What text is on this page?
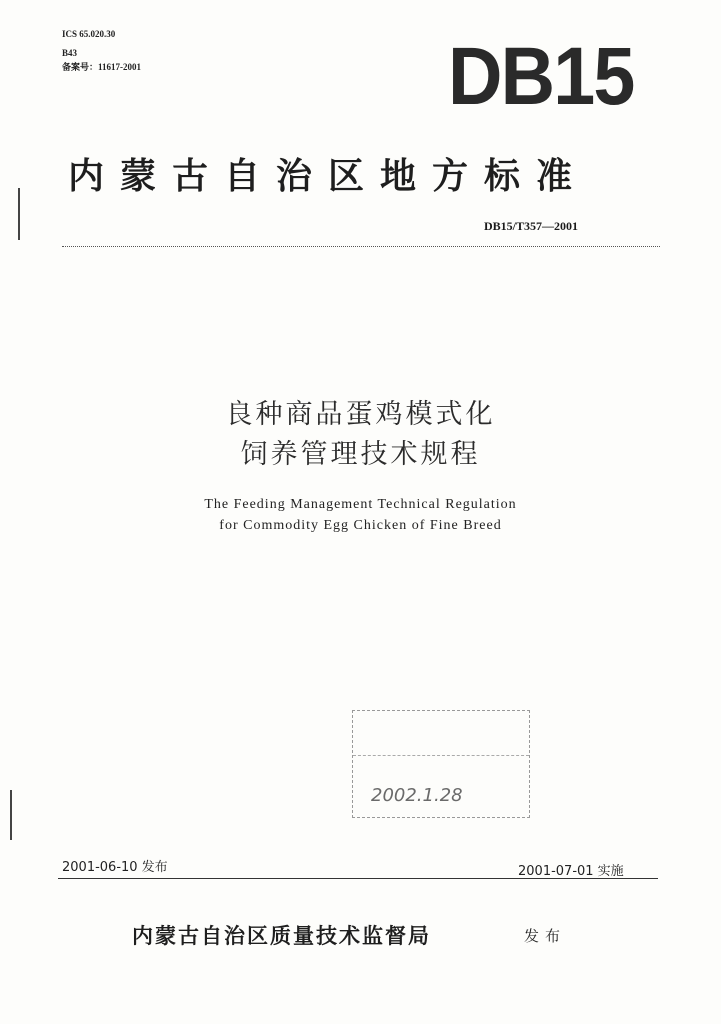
ICS 65.020.30
B43
备案号：11617-2001	DB15
内蒙古自治区地方标准
DB15/T357—2001
良种商品蛋鸡模式化
饲养管理技术规程
The Feeding Management Technical Regulation
for Commodity Egg Chicken of Fine Breed
2002.1.28
2001-06-10 发布	2001-07-01 实施
内蒙古自治区质量技术监督局	发布
